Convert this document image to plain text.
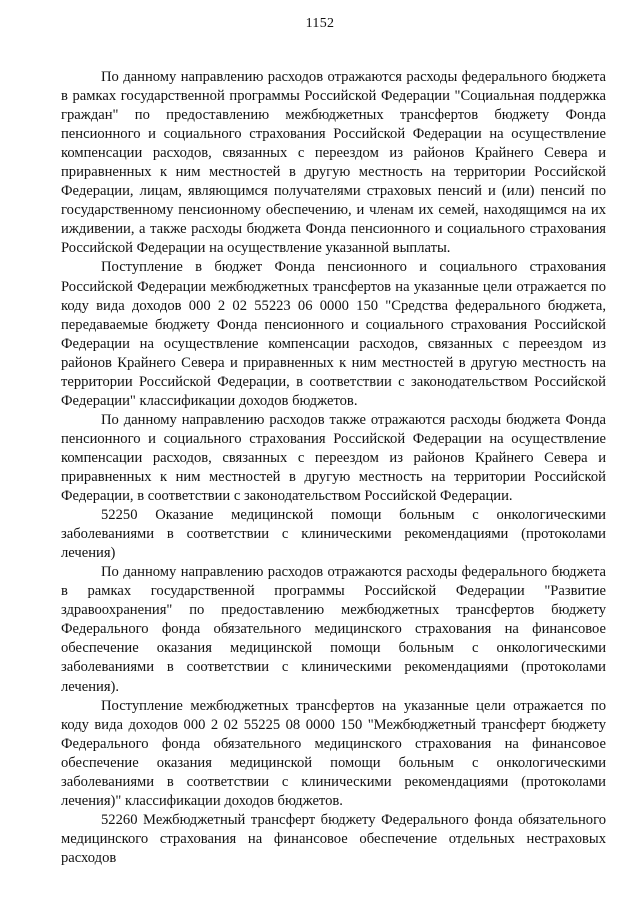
1152

По данному направлению расходов отражаются расходы федерального бюджета в рамках государственной программы Российской Федерации "Социальная поддержка граждан" по предоставлению межбюджетных трансфертов бюджету Фонда пенсионного и социального страхования Российской Федерации на осуществление компенсации расходов, связанных с переездом из районов Крайнего Севера и приравненных к ним местностей в другую местность на территории Российской Федерации, лицам, являющимся получателями страховых пенсий и (или) пенсий по государственному пенсионному обеспечению, и членам их семей, находящимся на их иждивении, а также расходы бюджета Фонда пенсионного и социального страхования Российской Федерации на осуществление указанной выплаты.

Поступление в бюджет Фонда пенсионного и социального страхования Российской Федерации межбюджетных трансфертов на указанные цели отражается по коду вида доходов 000 2 02 55223 06 0000 150 "Средства федерального бюджета, передаваемые бюджету Фонда пенсионного и социального страхования Российской Федерации на осуществление компенсации расходов, связанных с переездом из районов Крайнего Севера и приравненных к ним местностей в другую местность на территории Российской Федерации, в соответствии с законодательством Российской Федерации" классификации доходов бюджетов.

По данному направлению расходов также отражаются расходы бюджета Фонда пенсионного и социального страхования Российской Федерации на осуществление компенсации расходов, связанных с переездом из районов Крайнего Севера и приравненных к ним местностей в другую местность на территории Российской Федерации, в соответствии с законодательством Российской Федерации.

52250 Оказание медицинской помощи больным с онкологическими заболеваниями в соответствии с клиническими рекомендациями (протоколами лечения)

По данному направлению расходов отражаются расходы федерального бюджета в рамках государственной программы Российской Федерации "Развитие здравоохранения" по предоставлению межбюджетных трансфертов бюджету Федерального фонда обязательного медицинского страхования на финансовое обеспечение оказания медицинской помощи больным с онкологическими заболеваниями в соответствии с клиническими рекомендациями (протоколами лечения).

Поступление межбюджетных трансфертов на указанные цели отражается по коду вида доходов 000 2 02 55225 08 0000 150 "Межбюджетный трансферт бюджету Федерального фонда обязательного медицинского страхования на финансовое обеспечение оказания медицинской помощи больным с онкологическими заболеваниями в соответствии с клиническими рекомендациями (протоколами лечения)" классификации доходов бюджетов.

52260 Межбюджетный трансферт бюджету Федерального фонда обязательного медицинского страхования на финансовое обеспечение отдельных нестраховых расходов
